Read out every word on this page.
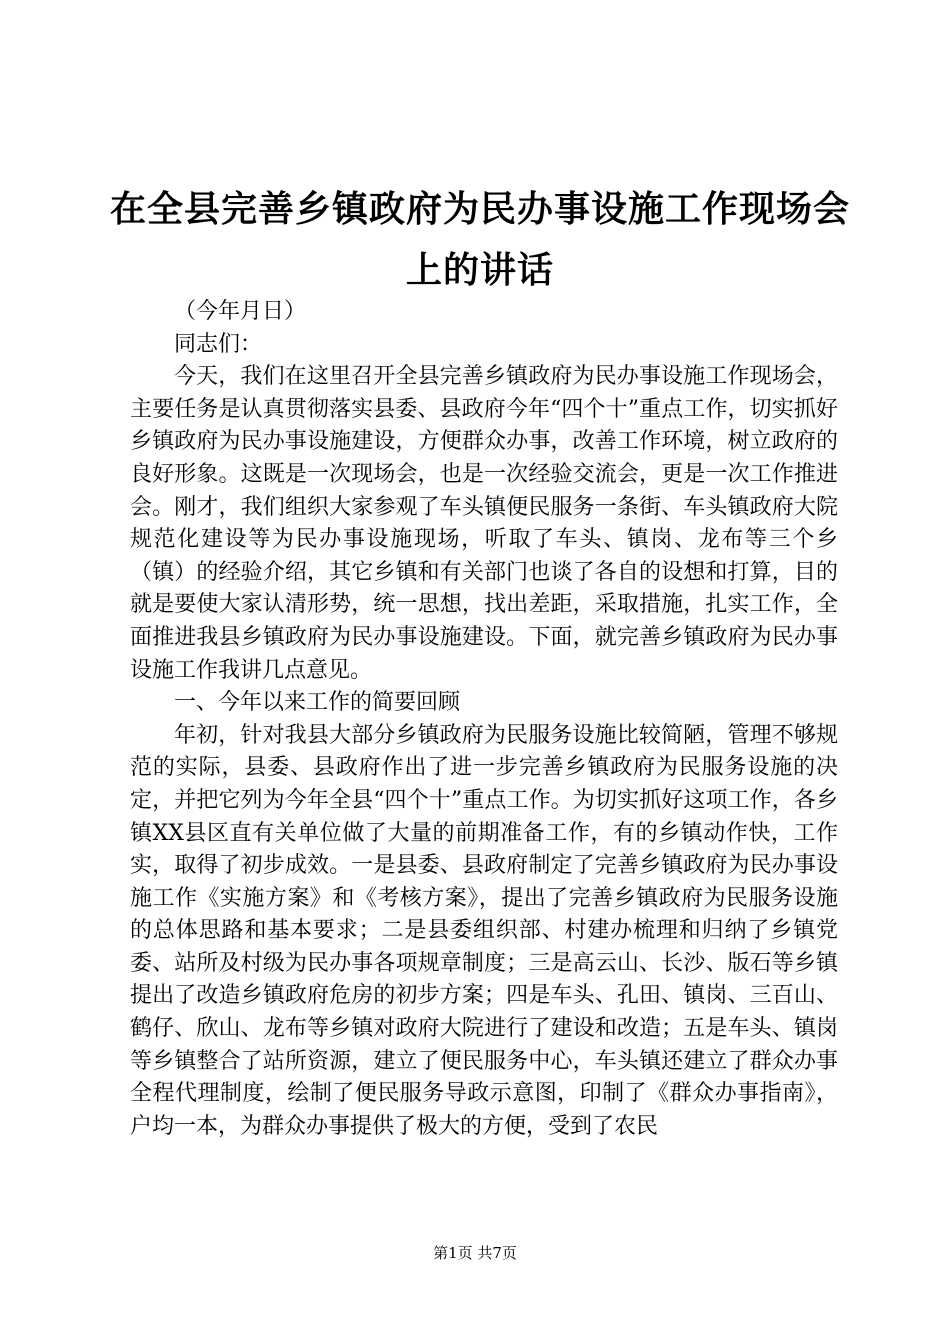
在全县完善乡镇政府为民办事设施工作现场会
上的讲话

（今年月日）

同志们：

今天，我们在这里召开全县完善乡镇政府为民办事设施工作现场会，主要任务是认真贯彻落实县委、县政府今年“四个十”重点工作，切实抓好乡镇政府为民办事设施建设，方便群众办事，改善工作环境，树立政府的良好形象。这既是一次现场会，也是一次经验交流会，更是一次工作推进会。刚才，我们组织大家参观了车头镇便民服务一条街、车头镇政府大院规范化建设等为民办事设施现场，听取了车头、镇岗、龙布等三个乡（镇）的经验介绍，其它乡镇和有关部门也谈了各自的设想和打算，目的就是要使大家认清形势，统一思想，找出差距，采取措施，扎实工作，全面推进我县乡镇政府为民办事设施建设。下面，就完善乡镇政府为民办事设施工作我讲几点意见。

一、今年以来工作的简要回顾

年初，针对我县大部分乡镇政府为民服务设施比较简陋，管理不够规范的实际，县委、县政府作出了进一步完善乡镇政府为民服务设施的决定，并把它列为今年全县“四个十”重点工作。为切实抓好这项工作，各乡镇XX县区直有关单位做了大量的前期准备工作，有的乡镇动作快，工作实，取得了初步成效。一是县委、县政府制定了完善乡镇政府为民办事设施工作《实施方案》和《考核方案》，提出了完善乡镇政府为民服务设施的总体思路和基本要求；二是县委组织部、村建办梳理和归纳了乡镇党委、站所及村级为民办事各项规章制度；三是高云山、长沙、版石等乡镇提出了改造乡镇政府危房的初步方案；四是车头、孔田、镇岗、三百山、鹤仔、欣山、龙布等乡镇对政府大院进行了建设和改造；五是车头、镇岗等乡镇整合了站所资源，建立了便民服务中心，车头镇还建立了群众办事全程代理制度，绘制了便民服务导政示意图，印制了《群众办事指南》，户均一本，为群众办事提供了极大的方便，受到了农民

第1页 共7页
